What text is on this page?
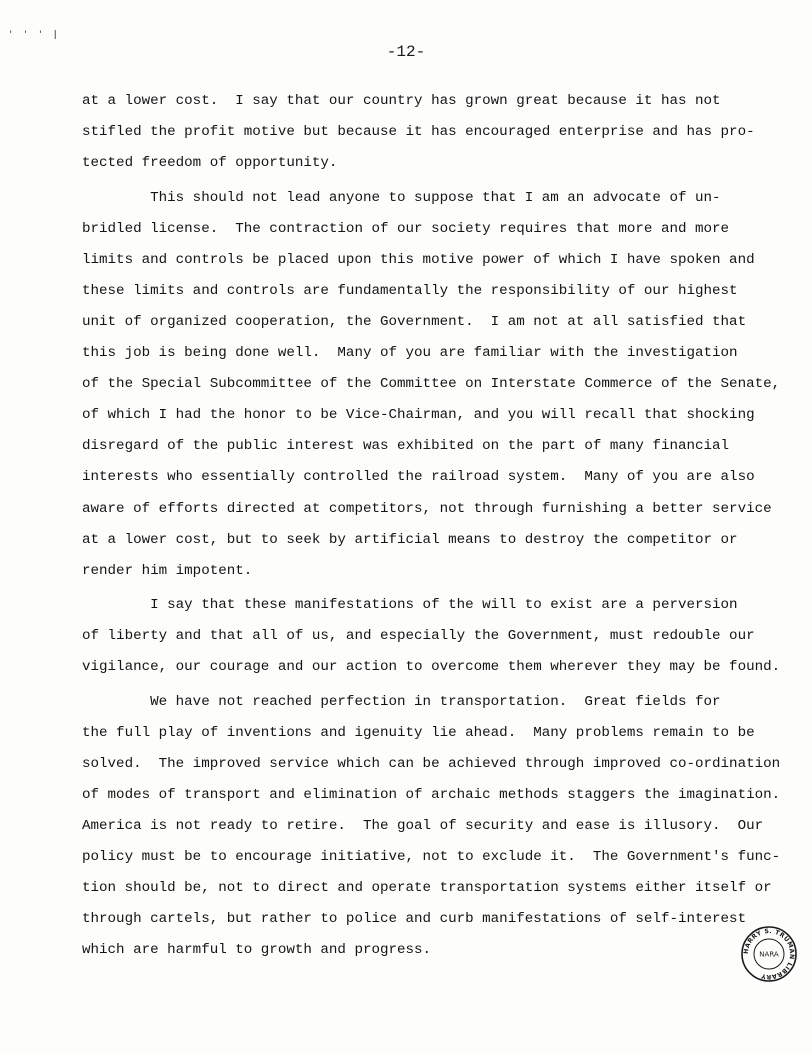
' ' ' |
-12-
at a lower cost.  I say that our country has grown great because it has not
stifled the profit motive but because it has encouraged enterprise and has pro-
tected freedom of opportunity.
This should not lead anyone to suppose that I am an advocate of un-
bridled license.  The contraction of our society requires that more and more
limits and controls be placed upon this motive power of which I have spoken and
these limits and controls are fundamentally the responsibility of our highest
unit of organized cooperation, the Government.  I am not at all satisfied that
this job is being done well.  Many of you are familiar with the investigation
of the Special Subcommittee of the Committee on Interstate Commerce of the Senate,
of which I had the honor to be Vice-Chairman, and you will recall that shocking
disregard of the public interest was exhibited on the part of many financial
interests who essentially controlled the railroad system.  Many of you are also
aware of efforts directed at competitors, not through furnishing a better service
at a lower cost, but to seek by artificial means to destroy the competitor or
render him impotent.
I say that these manifestations of the will to exist are a perversion
of liberty and that all of us, and especially the Government, must redouble our
vigilance, our courage and our action to overcome them wherever they may be found.
We have not reached perfection in transportation.  Great fields for
the full play of inventions and igenuity lie ahead.  Many problems remain to be
solved.  The improved service which can be achieved through improved co-ordination
of modes of transport and elimination of archaic methods staggers the imagination.
America is not ready to retire.  The goal of security and ease is illusory.  Our
policy must be to encourage initiative, not to exclude it.  The Government's func-
tion should be, not to direct and operate transportation systems either itself or
through cartels, but rather to police and curb manifestations of self-interest
which are harmful to growth and progress.	HARRY S. TRUMAN LIBRARY
NARA
